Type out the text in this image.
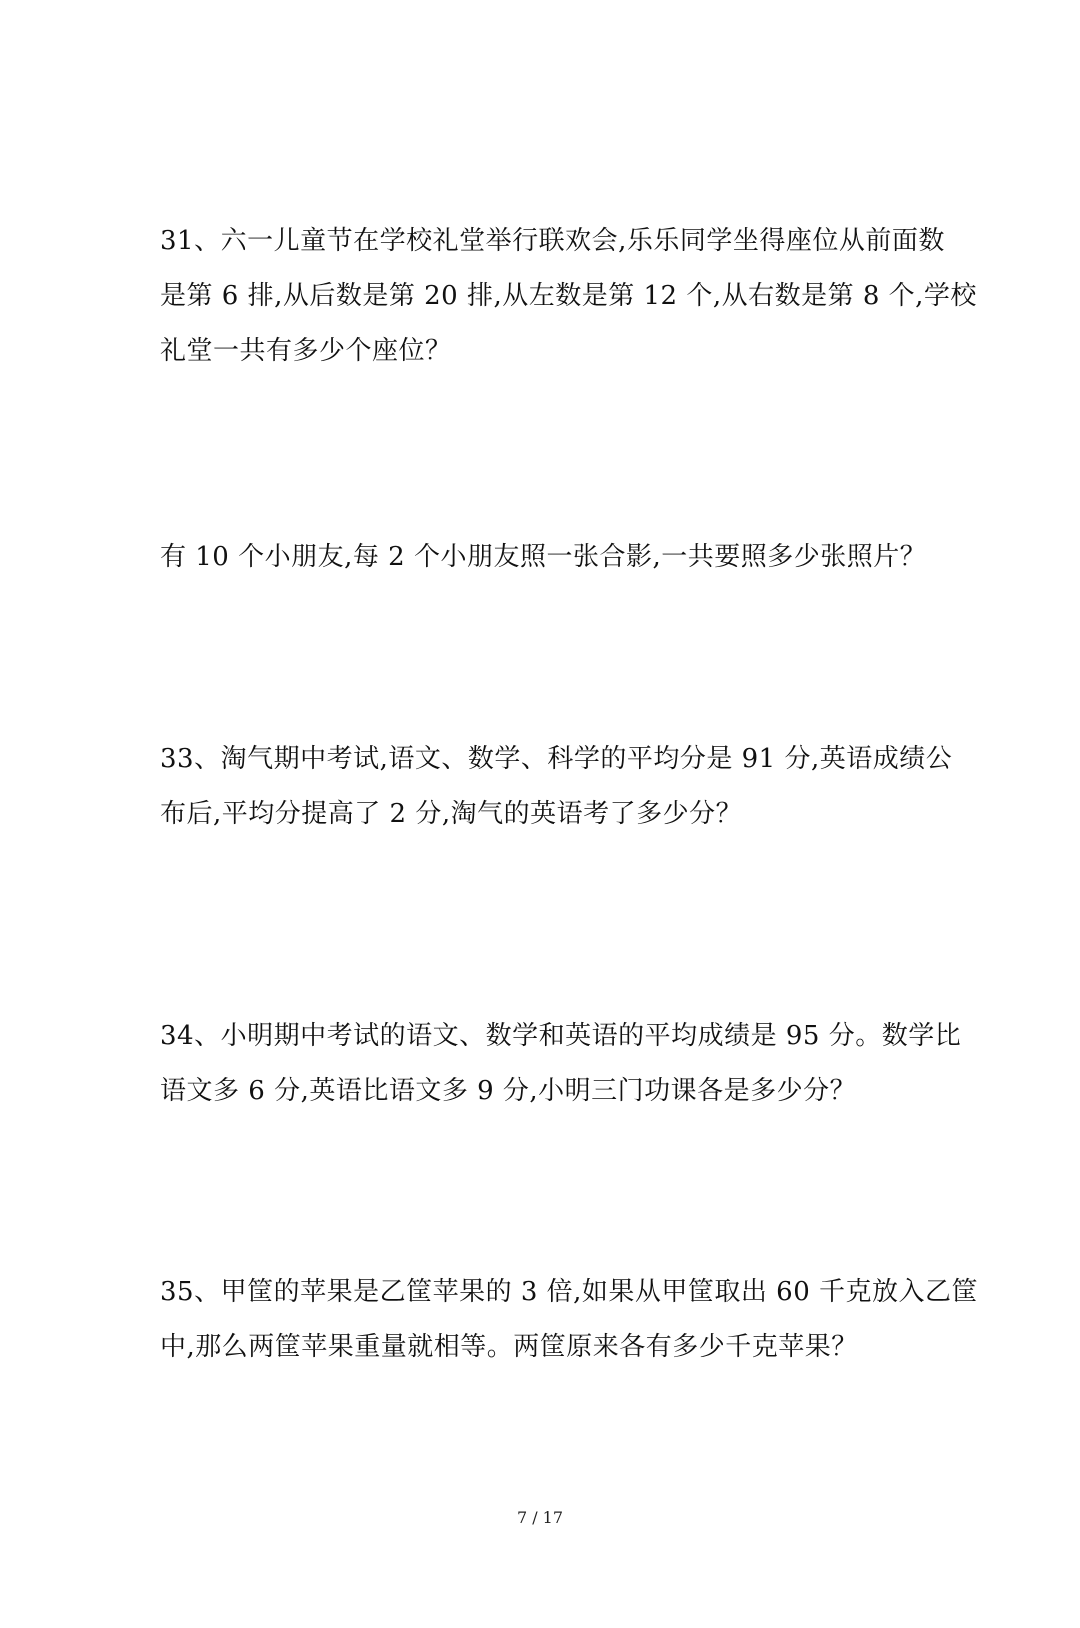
31、六一儿童节在学校礼堂举行联欢会,乐乐同学坐得座位从前面数
是第 6 排,从后数是第 20 排,从左数是第 12 个,从右数是第 8 个,学校
礼堂一共有多少个座位？
有 10 个小朋友,每 2 个小朋友照一张合影,一共要照多少张照片？
33、淘气期中考试,语文、数学、科学的平均分是 91 分,英语成绩公
布后,平均分提高了 2 分,淘气的英语考了多少分？
34、小明期中考试的语文、数学和英语的平均成绩是 95 分。数学比
语文多 6 分,英语比语文多 9 分,小明三门功课各是多少分？
35、甲筐的苹果是乙筐苹果的 3 倍,如果从甲筐取出 60 千克放入乙筐
中,那么两筐苹果重量就相等。两筐原来各有多少千克苹果？
7 / 17
